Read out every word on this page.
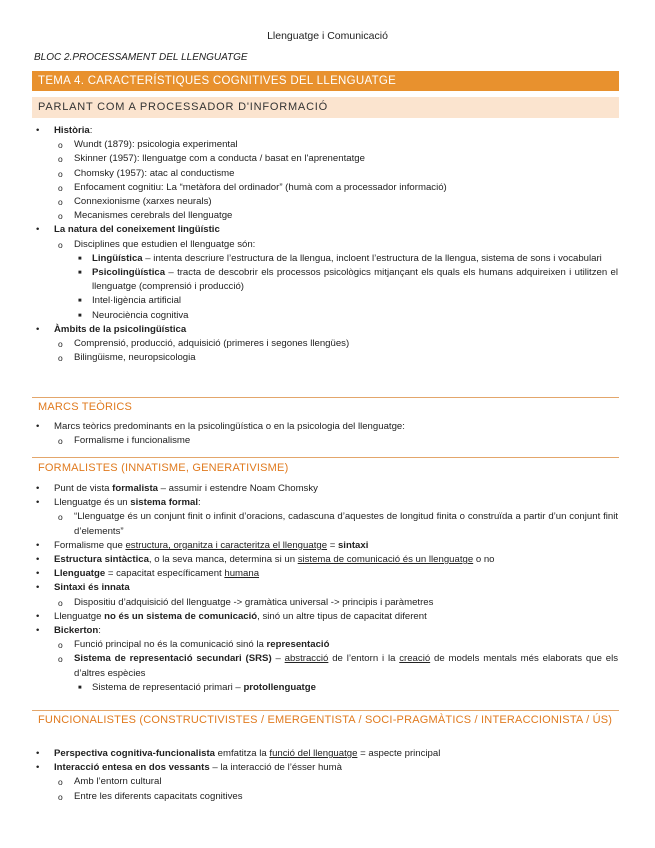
Llenguatge i Comunicació
BLOC 2.PROCESSAMENT DEL LLENGUATGE
TEMA 4. CARACTERÍSTIQUES COGNITIVES DEL LLENGUATGE
PARLANT COM A PROCESSADOR D'INFORMACIÓ
• Història:
o Wundt (1879): psicologia experimental
o Skinner (1957): llenguatge com a conducta / basat en l'aprenentatge
o Chomsky (1957): atac al conductisme
o Enfocament cognitiu: La “metàfora del ordinador” (humà com a processador informació)
o Connexionisme (xarxes neurals)
o Mecanismes cerebrals del llenguatge
• La natura del coneixement lingüístic
o Disciplines que estudien el llenguatge són:
■ Lingüística – intenta descriure l’estructura de la llengua, incloent l’estructura de la llengua, sistema de sons i vocabulari
■ Psicolingüística – tracta de descobrir els processos psicològics mitjançant els quals els humans adquireixen i utilitzen el llenguatge (comprensió i producció)
■ Intel·ligència artificial
■ Neurociència cognitiva
• Àmbits de la psicolingüística
o Comprensió, producció, adquisició (primeres i segones llengües)
o Bilingüisme, neuropsicologia
MARCS TEÒRICS
• Marcs teòrics predominants en la psicolingüística o en la psicologia del llenguatge:
o Formalisme i funcionalisme
FORMALISTES (INNATISME, GENERATIVISME)
• Punt de vista formalista – assumir i estendre Noam Chomsky
• Llenguatge és un sistema formal:
o “Llenguatge és un conjunt finit o infinit d’oracions, cadascuna d’aquestes de longitud finita o construïda a partir d’un conjunt finit d’elements”
• Formalisme que estructura, organitza i caracteritza el llenguatge = sintaxi
• Estructura sintàctica, o la seva manca, determina si un sistema de comunicació és un llenguatge o no
• Llenguatge = capacitat específicament humana
• Sintaxi és innata
o Dispositiu d’adquisició del llenguatge -> gramàtica universal -> principis i paràmetres
• Llenguatge no és un sistema de comunicació, sinó un altre tipus de capacitat diferent
• Bickerton:
o Funció principal no és la comunicació sinó la representació
o Sistema de representació secundari (SRS) – abstracció de l’entorn i la creació de models mentals més elaborats que els d’altres espècies
■ Sistema de representació primari – protollenguatge
FUNCIONALISTES (CONSTRUCTIVISTES / EMERGENTISTA / SOCI-PRAGMÀTICS / INTERACCIONISTA / ÚS)
• Perspectiva cognitiva-funcionalista emfatitza la funció del llenguatge = aspecte principal
• Interacció entesa en dos vessants – la interacció de l’ésser humà
o Amb l’entorn cultural
o Entre les diferents capacitats cognitives
